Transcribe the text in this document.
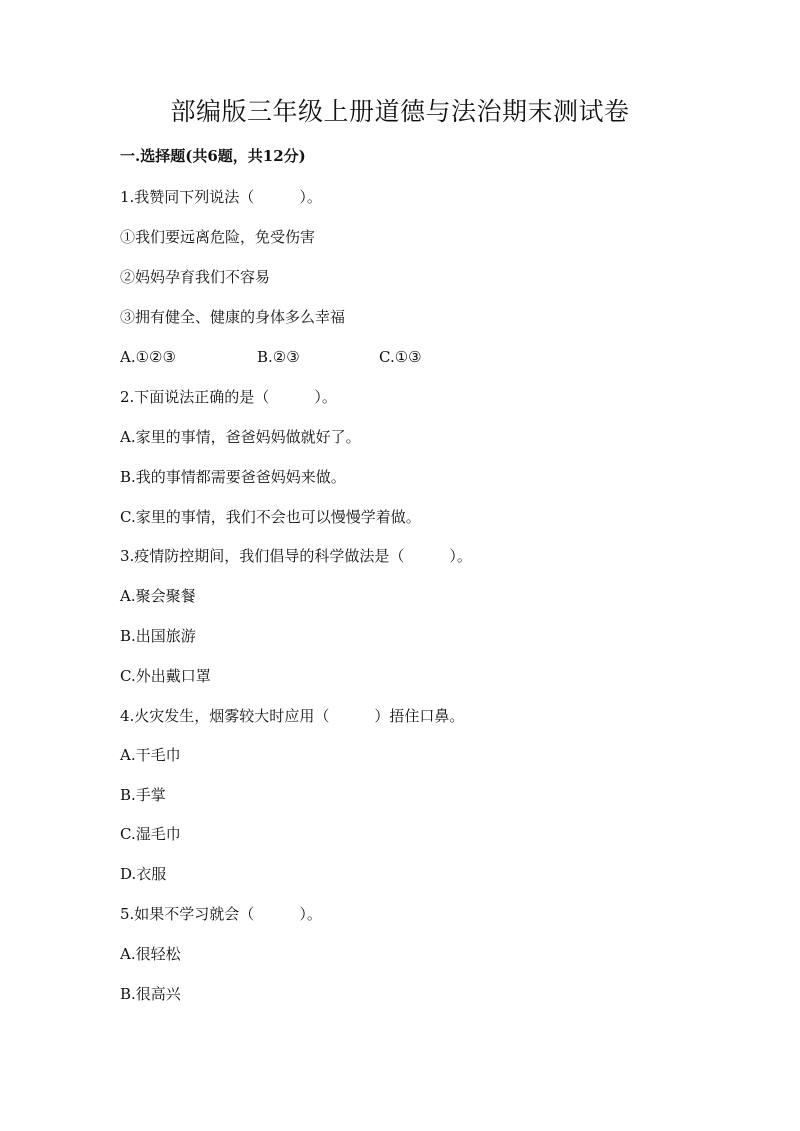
部编版三年级上册道德与法治期末测试卷
一.选择题(共6题，共12分)
1.我赞同下列说法（　　　）。
①我们要远离危险，免受伤害
②妈妈孕育我们不容易
③拥有健全、健康的身体多么幸福

A.①②③

	B.②③

	C.①③

2.下面说法正确的是（　　　）。
A.家里的事情，爸爸妈妈做就好了。
B.我的事情都需要爸爸妈妈来做。
C.家里的事情，我们不会也可以慢慢学着做。
3.疫情防控期间，我们倡导的科学做法是（　　　）。
A.聚会聚餐
B.出国旅游
C.外出戴口罩
4.火灾发生，烟雾较大时应用（　　　）捂住口鼻。
A.干毛巾
B.手掌
C.湿毛巾
D.衣服
5.如果不学习就会（　　　）。
A.很轻松
B.很高兴
